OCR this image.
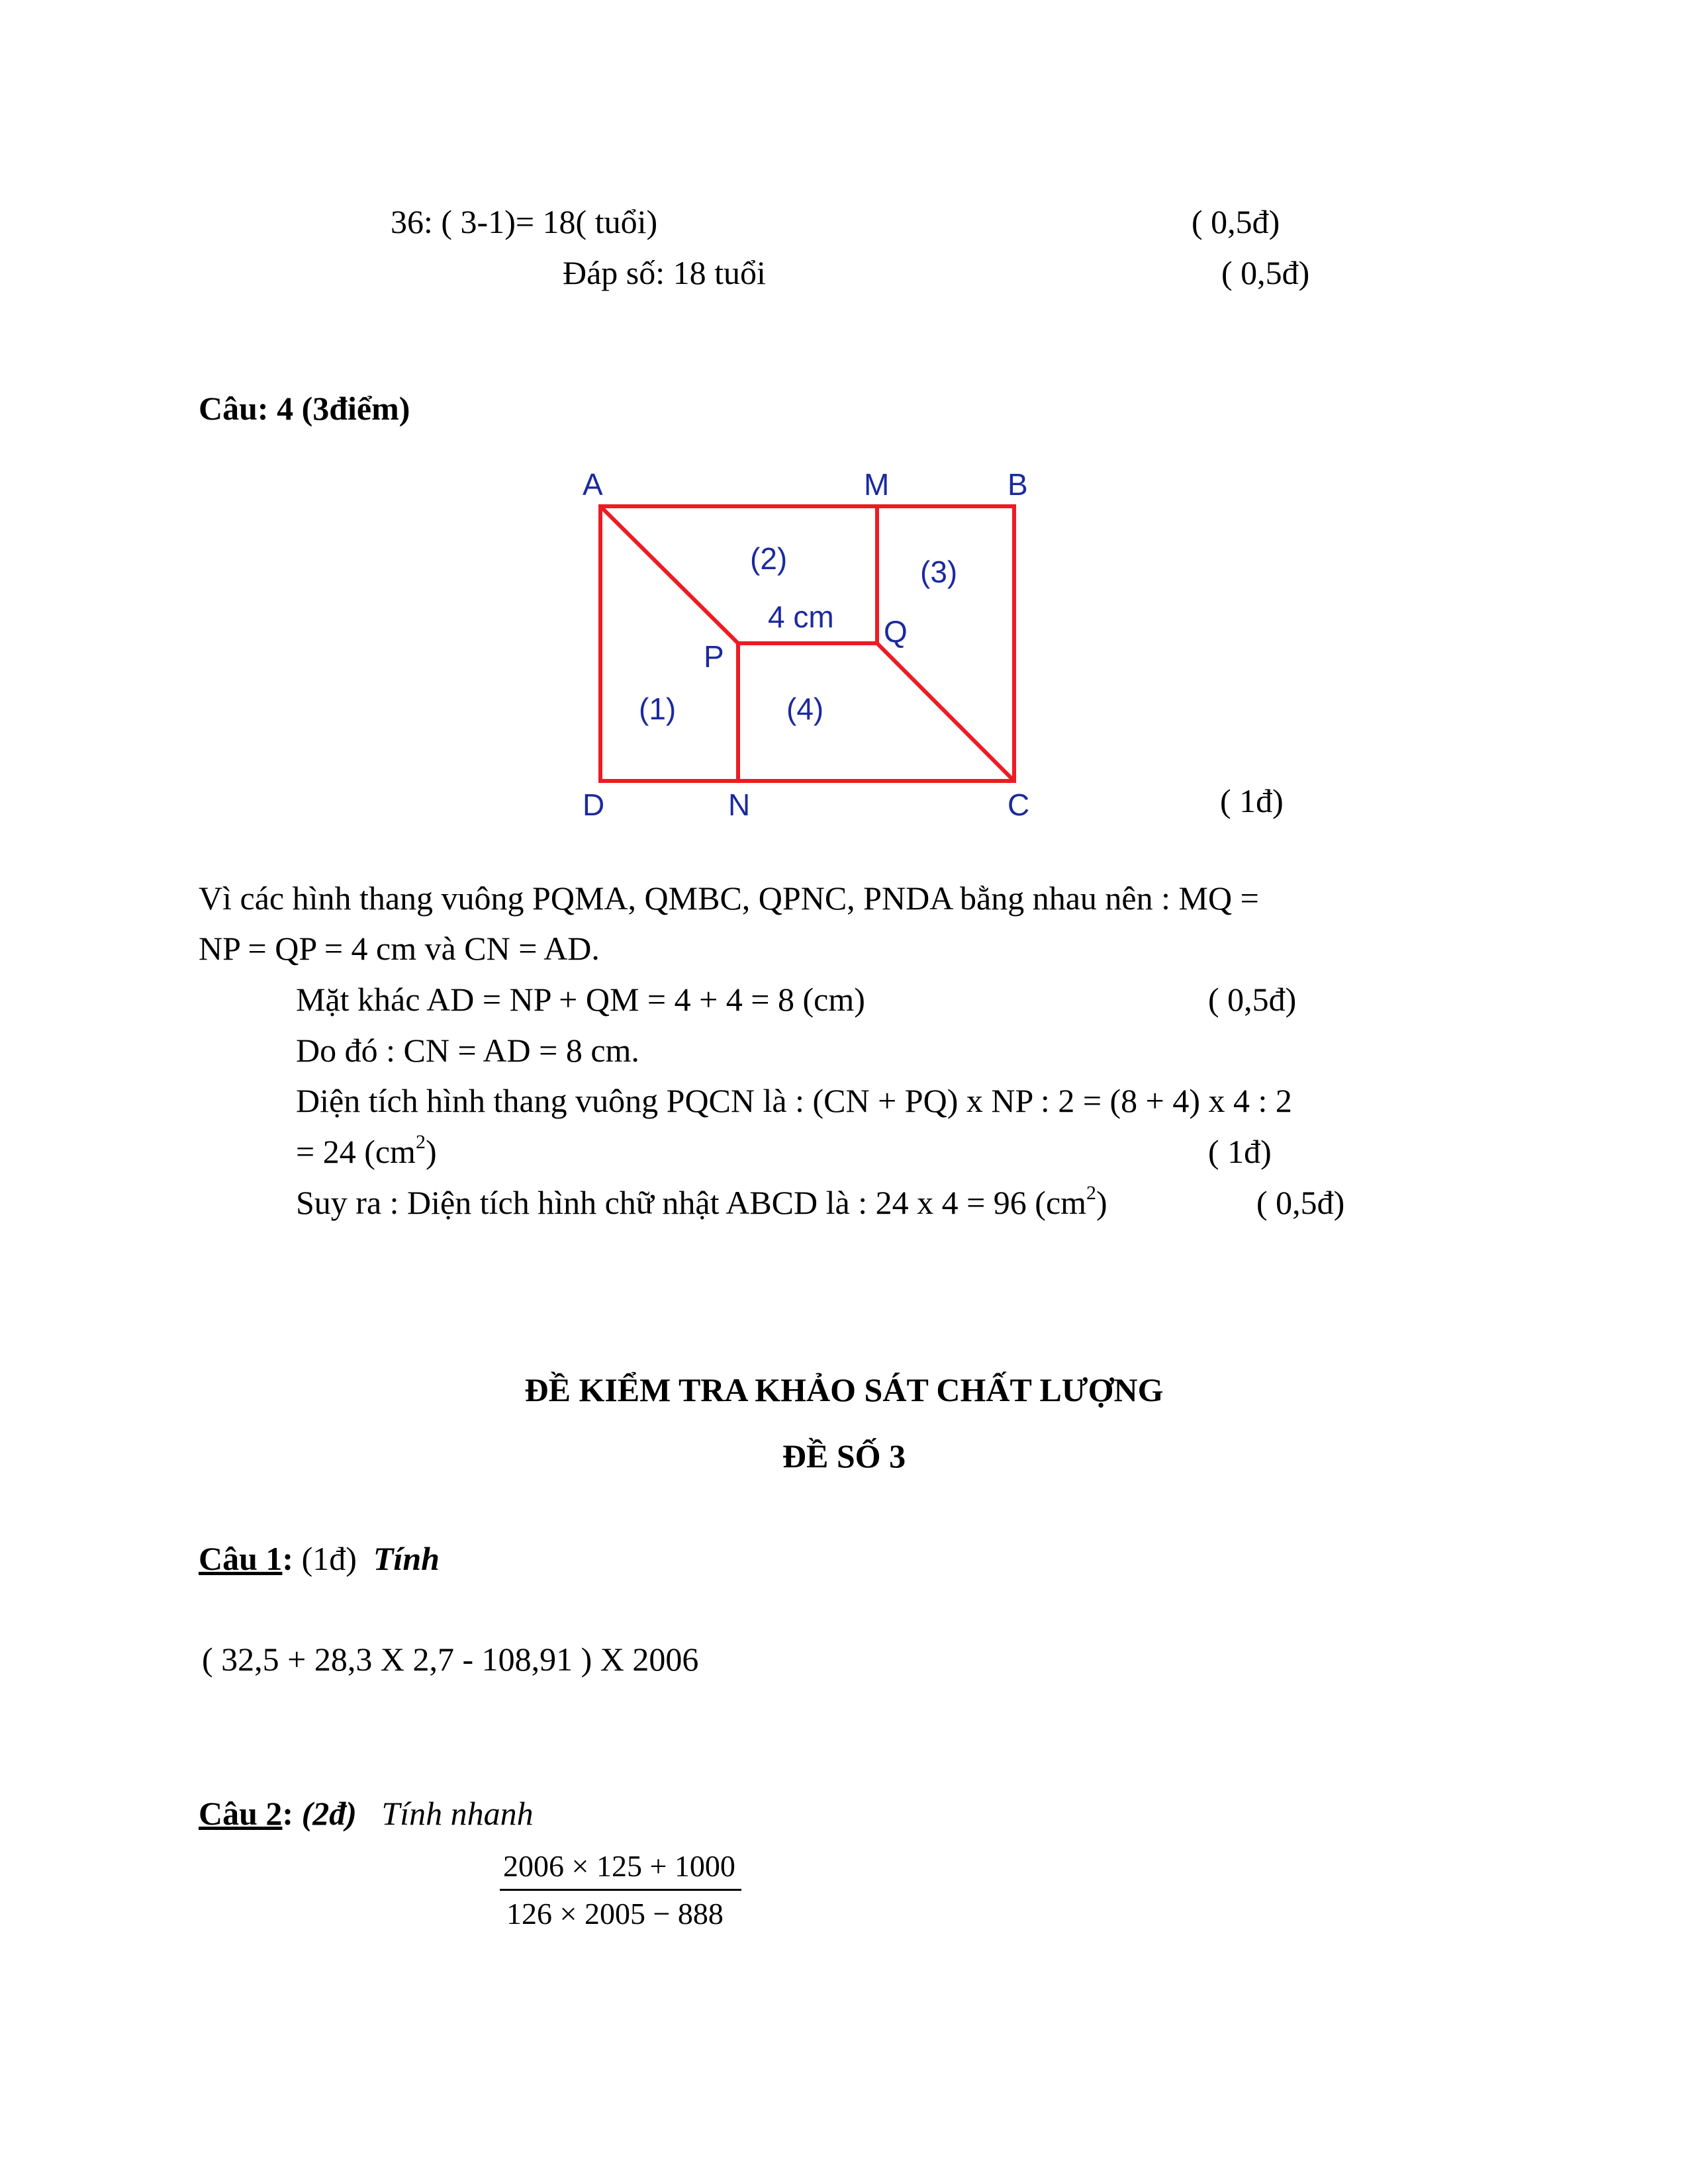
36: ( 3-1)= 18( tuổi)	( 0,5đ)
Đáp số: 18 tuổi	( 0,5đ)
Câu: 4 (3điểm)
A	M	B
D	N	C
P
Q
(2)	(3)
(1)	(4)
4 cm
( 1đ)
Vì các hình thang vuông PQMA, QMBC, QPNC, PNDA bằng nhau nên : MQ =
NP = QP = 4 cm và CN = AD.
Mặt khác AD = NP + QM = 4 + 4 = 8 (cm)	( 0,5đ)
Do đó : CN = AD = 8 cm.
Diện tích hình thang vuông PQCN là : (CN + PQ) x NP : 2 = (8 + 4) x 4 : 2
= 24 $(cm^2)$	( 1đ)
Suy ra : Diện tích hình chữ nhật ABCD là : 24 x 4 = 96 $(cm^2)$	( 0,5đ)
ĐỀ KIỂM TRA KHẢO SÁT CHẤT LƯỢNG
ĐỀ SỐ 3
Câu 1: (1đ) Tính
( 32,5 + 28,3 X 2,7 - 108,91 ) X 2006
Câu 2: (2đ) Tính nhanh
2006 × 125 + 1000
126 × 2005 − 888
